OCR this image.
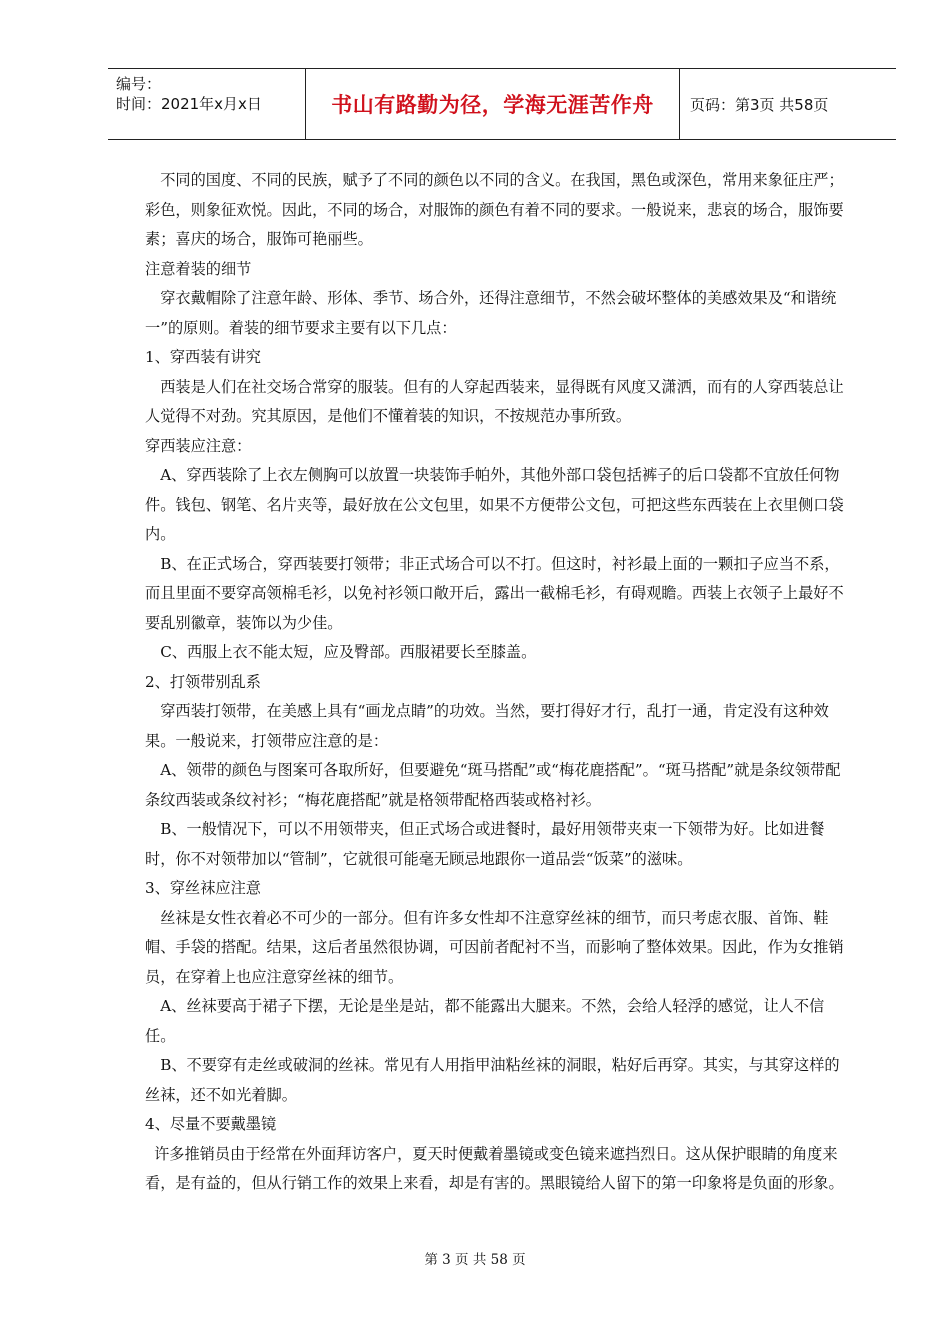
编号：
时间：2021年x月x日	书山有路勤为径，学海无涯苦作舟	页码：第3页 共58页

不同的国度、不同的民族，赋予了不同的颜色以不同的含义。在我国，黑色或深色，常用来象征庄严；彩色，则象征欢悦。因此，不同的场合，对服饰的颜色有着不同的要求。一般说来，悲哀的场合，服饰要素；喜庆的场合，服饰可艳丽些。

注意着装的细节

穿衣戴帽除了注意年龄、形体、季节、场合外，还得注意细节，不然会破坏整体的美感效果及“和谐统一”的原则。着装的细节要求主要有以下几点：

1、穿西装有讲究

西装是人们在社交场合常穿的服装。但有的人穿起西装来，显得既有风度又潇洒，而有的人穿西装总让人觉得不对劲。究其原因，是他们不懂着装的知识，不按规范办事所致。

穿西装应注意：

A、穿西装除了上衣左侧胸可以放置一块装饰手帕外，其他外部口袋包括裤子的后口袋都不宜放任何物件。钱包、钢笔、名片夹等，最好放在公文包里，如果不方便带公文包，可把这些东西装在上衣里侧口袋内。

B、在正式场合，穿西装要打领带；非正式场合可以不打。但这时，衬衫最上面的一颗扣子应当不系，而且里面不要穿高领棉毛衫，以免衬衫领口敞开后，露出一截棉毛衫，有碍观瞻。西装上衣领子上最好不要乱别徽章，装饰以为少佳。

C、西服上衣不能太短，应及臀部。西服裙要长至膝盖。

2、打领带别乱系

穿西装打领带，在美感上具有“画龙点睛”的功效。当然，要打得好才行，乱打一通，肯定没有这种效果。一般说来，打领带应注意的是：

A、领带的颜色与图案可各取所好，但要避免“斑马搭配”或“梅花鹿搭配”。“斑马搭配”就是条纹领带配条纹西装或条纹衬衫；“梅花鹿搭配”就是格领带配格西装或格衬衫。

B、一般情况下，可以不用领带夹，但正式场合或进餐时，最好用领带夹束一下领带为好。比如进餐时，你不对领带加以“管制”，它就很可能毫无顾忌地跟你一道品尝“饭菜”的滋味。

3、穿丝袜应注意

丝袜是女性衣着必不可少的一部分。但有许多女性却不注意穿丝袜的细节，而只考虑衣服、首饰、鞋帽、手袋的搭配。结果，这后者虽然很协调，可因前者配衬不当，而影响了整体效果。因此，作为女推销员，在穿着上也应注意穿丝袜的细节。

A、丝袜要高于裙子下摆，无论是坐是站，都不能露出大腿来。不然，会给人轻浮的感觉，让人不信任。

B、不要穿有走丝或破洞的丝袜。常见有人用指甲油粘丝袜的洞眼，粘好后再穿。其实，与其穿这样的丝袜，还不如光着脚。

4、尽量不要戴墨镜

许多推销员由于经常在外面拜访客户，夏天时便戴着墨镜或变色镜来遮挡烈日。这从保护眼睛的角度来看，是有益的，但从行销工作的效果上来看，却是有害的。黑眼镜给人留下的第一印象将是负面的形象。

第 3 页 共 58 页
